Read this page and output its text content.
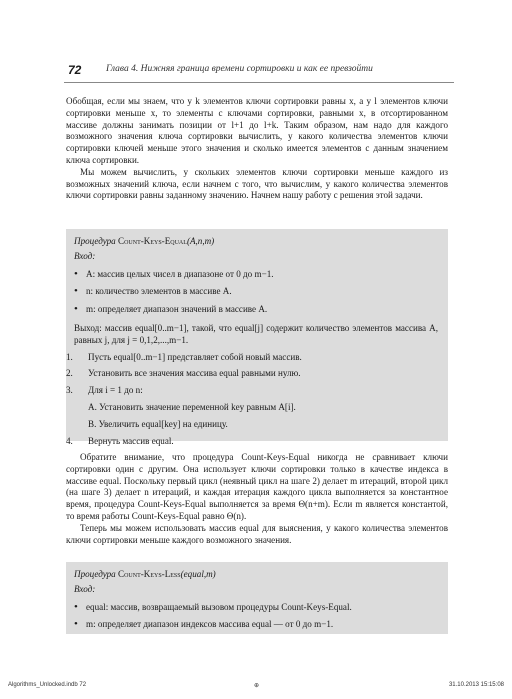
72	Глава 4. Нижняя граница времени сортировки и как ее превзойти

Обобщая, если мы знаем, что у k элементов ключи сортировки равны x, а у l элементов ключи сортировки меньше x, то элементы с ключами сортировки, равными x, в отсортированном массиве должны занимать позиции от l+1 до l+k. Таким образом, нам надо для каждого возможного значения ключа сортировки вычислить, у какого количества элементов ключи сортировки ключей меньше этого значения и сколько имеется элементов с данным значением ключа сортировки.

Мы можем вычислить, у скольких элементов ключи сортировки меньше каждого из возможных значений ключа, если начнем с того, что вычислим, у какого количества элементов ключи сортировки равны заданному значению. Начнем нашу работу с решения этой задачи.

Процедура Count-Keys-Equal(A,n,m)
Вход:
• A: массив целых чисел в диапазоне от 0 до m−1.
• n: количество элементов в массиве A.
• m: определяет диапазон значений в массиве A.
Выход: массив equal[0..m−1], такой, что equal[j] содержит количество элементов массива A, равных j, для j = 0,1,2,...,m−1.
1. Пусть equal[0..m−1] представляет собой новый массив.
2. Установить все значения массива equal равными нулю.
3. Для i = 1 до n:
A. Установить значение переменной key равным A[i].
B. Увеличить equal[key] на единицу.
4. Вернуть массив equal.

Обратите внимание, что процедура Count-Keys-Equal никогда не сравнивает ключи сортировки один с другим. Она использует ключи сортировки только в качестве индекса в массиве equal. Поскольку первый цикл (неявный цикл на шаге 2) делает m итераций, второй цикл (на шаге 3) делает n итераций, и каждая итерация каждого цикла выполняется за константное время, процедура Count-Keys-Equal выполняется за время Θ(n+m). Если m является константой, то время работы Count-Keys-Equal равно Θ(n).

Теперь мы можем использовать массив equal для выяснения, у какого количества элементов ключи сортировки меньше каждого возможного значения.

Процедура Count-Keys-Less(equal,m)
Вход:
• equal: массив, возвращаемый вызовом процедуры Count-Keys-Equal.
• m: определяет диапазон индексов массива equal — от 0 до m−1.
Algorithms_Unlocked.indb 72	⊕	31.10.2013 15:15:08
